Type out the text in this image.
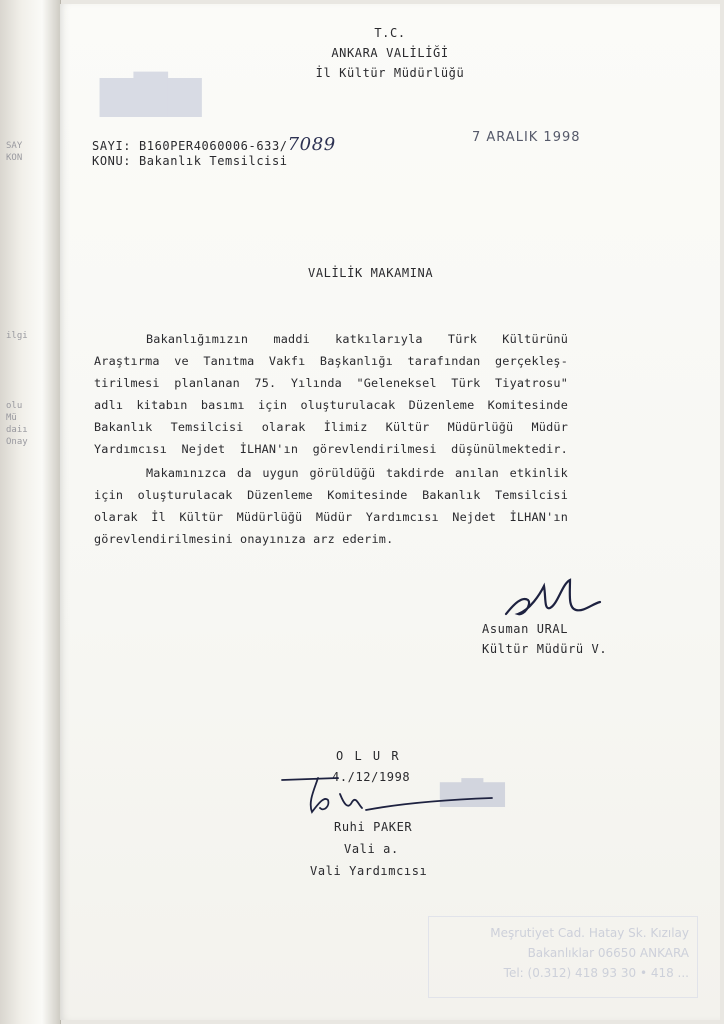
SAY
KON
ilgi
olu
Mü
daiı
Onay
▆▇▆
▆▇▆
T.C.
ANKARA VALİLİĞİ
İl Kültür Müdürlüğü
SAYI: B160PER4060006-633/7089	7 ARALIK 1998
KONU: Bakanlık Temsilcisi
VALİLİK MAKAMINA
Bakanlığımızın maddi katkılarıyla Türk Kültürünü
Araştırma ve Tanıtma Vakfı Başkanlığı tarafından gerçekleş-
tirilmesi planlanan 75. Yılında "Geleneksel Türk Tiyatrosu"
adlı kitabın basımı için oluşturulacak Düzenleme Komitesinde
Bakanlık Temsilcisi olarak İlimiz Kültür Müdürlüğü Müdür
Yardımcısı Nejdet İLHAN'ın görevlendirilmesi düşünülmektedir.
Makamınızca da uygun görüldüğü takdirde anılan etkinlik
için oluşturulacak Düzenleme Komitesinde Bakanlık Temsilcisi
olarak İl Kültür Müdürlüğü Müdür Yardımcısı Nejdet İLHAN'ın
görevlendirilmesini onayınıza arz ederim.
Asuman URAL
Kültür Müdürü V.
O L U R
4./12/1998
Ruhi PAKER
Vali a.
Vali Yardımcısı
Meşrutiyet Cad. Hatay Sk. Kızılay
Bakanlıklar 06650 ANKARA
Tel: (0.312) 418 93 30 • 418 ...
